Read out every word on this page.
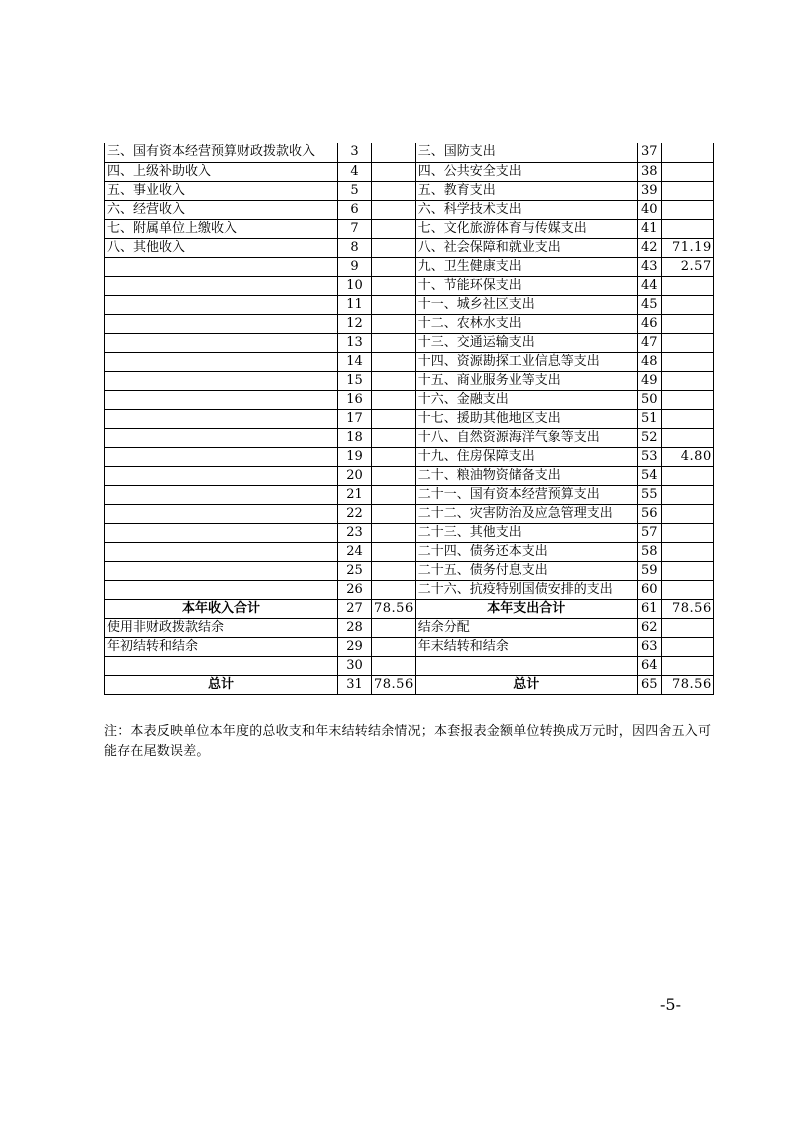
三、国有资本经营预算财政拨款收入	3		三、国防支出	37	
四、上级补助收入	4		四、公共安全支出	38	
五、事业收入	5		五、教育支出	39	
六、经营收入	6		六、科学技术支出	40	
七、附属单位上缴收入	7		七、文化旅游体育与传媒支出	41	
八、其他收入	8		八、社会保障和就业支出	42	71.19
	9		九、卫生健康支出	43	2.57
	10		十、节能环保支出	44	
	11		十一、城乡社区支出	45	
	12		十二、农林水支出	46	
	13		十三、交通运输支出	47	
	14		十四、资源勘探工业信息等支出	48	
	15		十五、商业服务业等支出	49	
	16		十六、金融支出	50	
	17		十七、援助其他地区支出	51	
	18		十八、自然资源海洋气象等支出	52	
	19		十九、住房保障支出	53	4.80
	20		二十、粮油物资储备支出	54	
	21		二十一、国有资本经营预算支出	55	
	22		二十二、灾害防治及应急管理支出	56	
	23		二十三、其他支出	57	
	24		二十四、债务还本支出	58	
	25		二十五、债务付息支出	59	
	26		二十六、抗疫特别国债安排的支出	60	
本年收入合计	27	78.56	本年支出合计	61	78.56
使用非财政拨款结余	28		结余分配	62	
年初结转和结余	29		年末结转和结余	63	
	30			64	
总计	31	78.56	总计	65	78.56
注：本表反映单位本年度的总收支和年末结转结余情况；本套报表金额单位转换成万元时，因四舍五入可能存在尾数误差。
-5-
